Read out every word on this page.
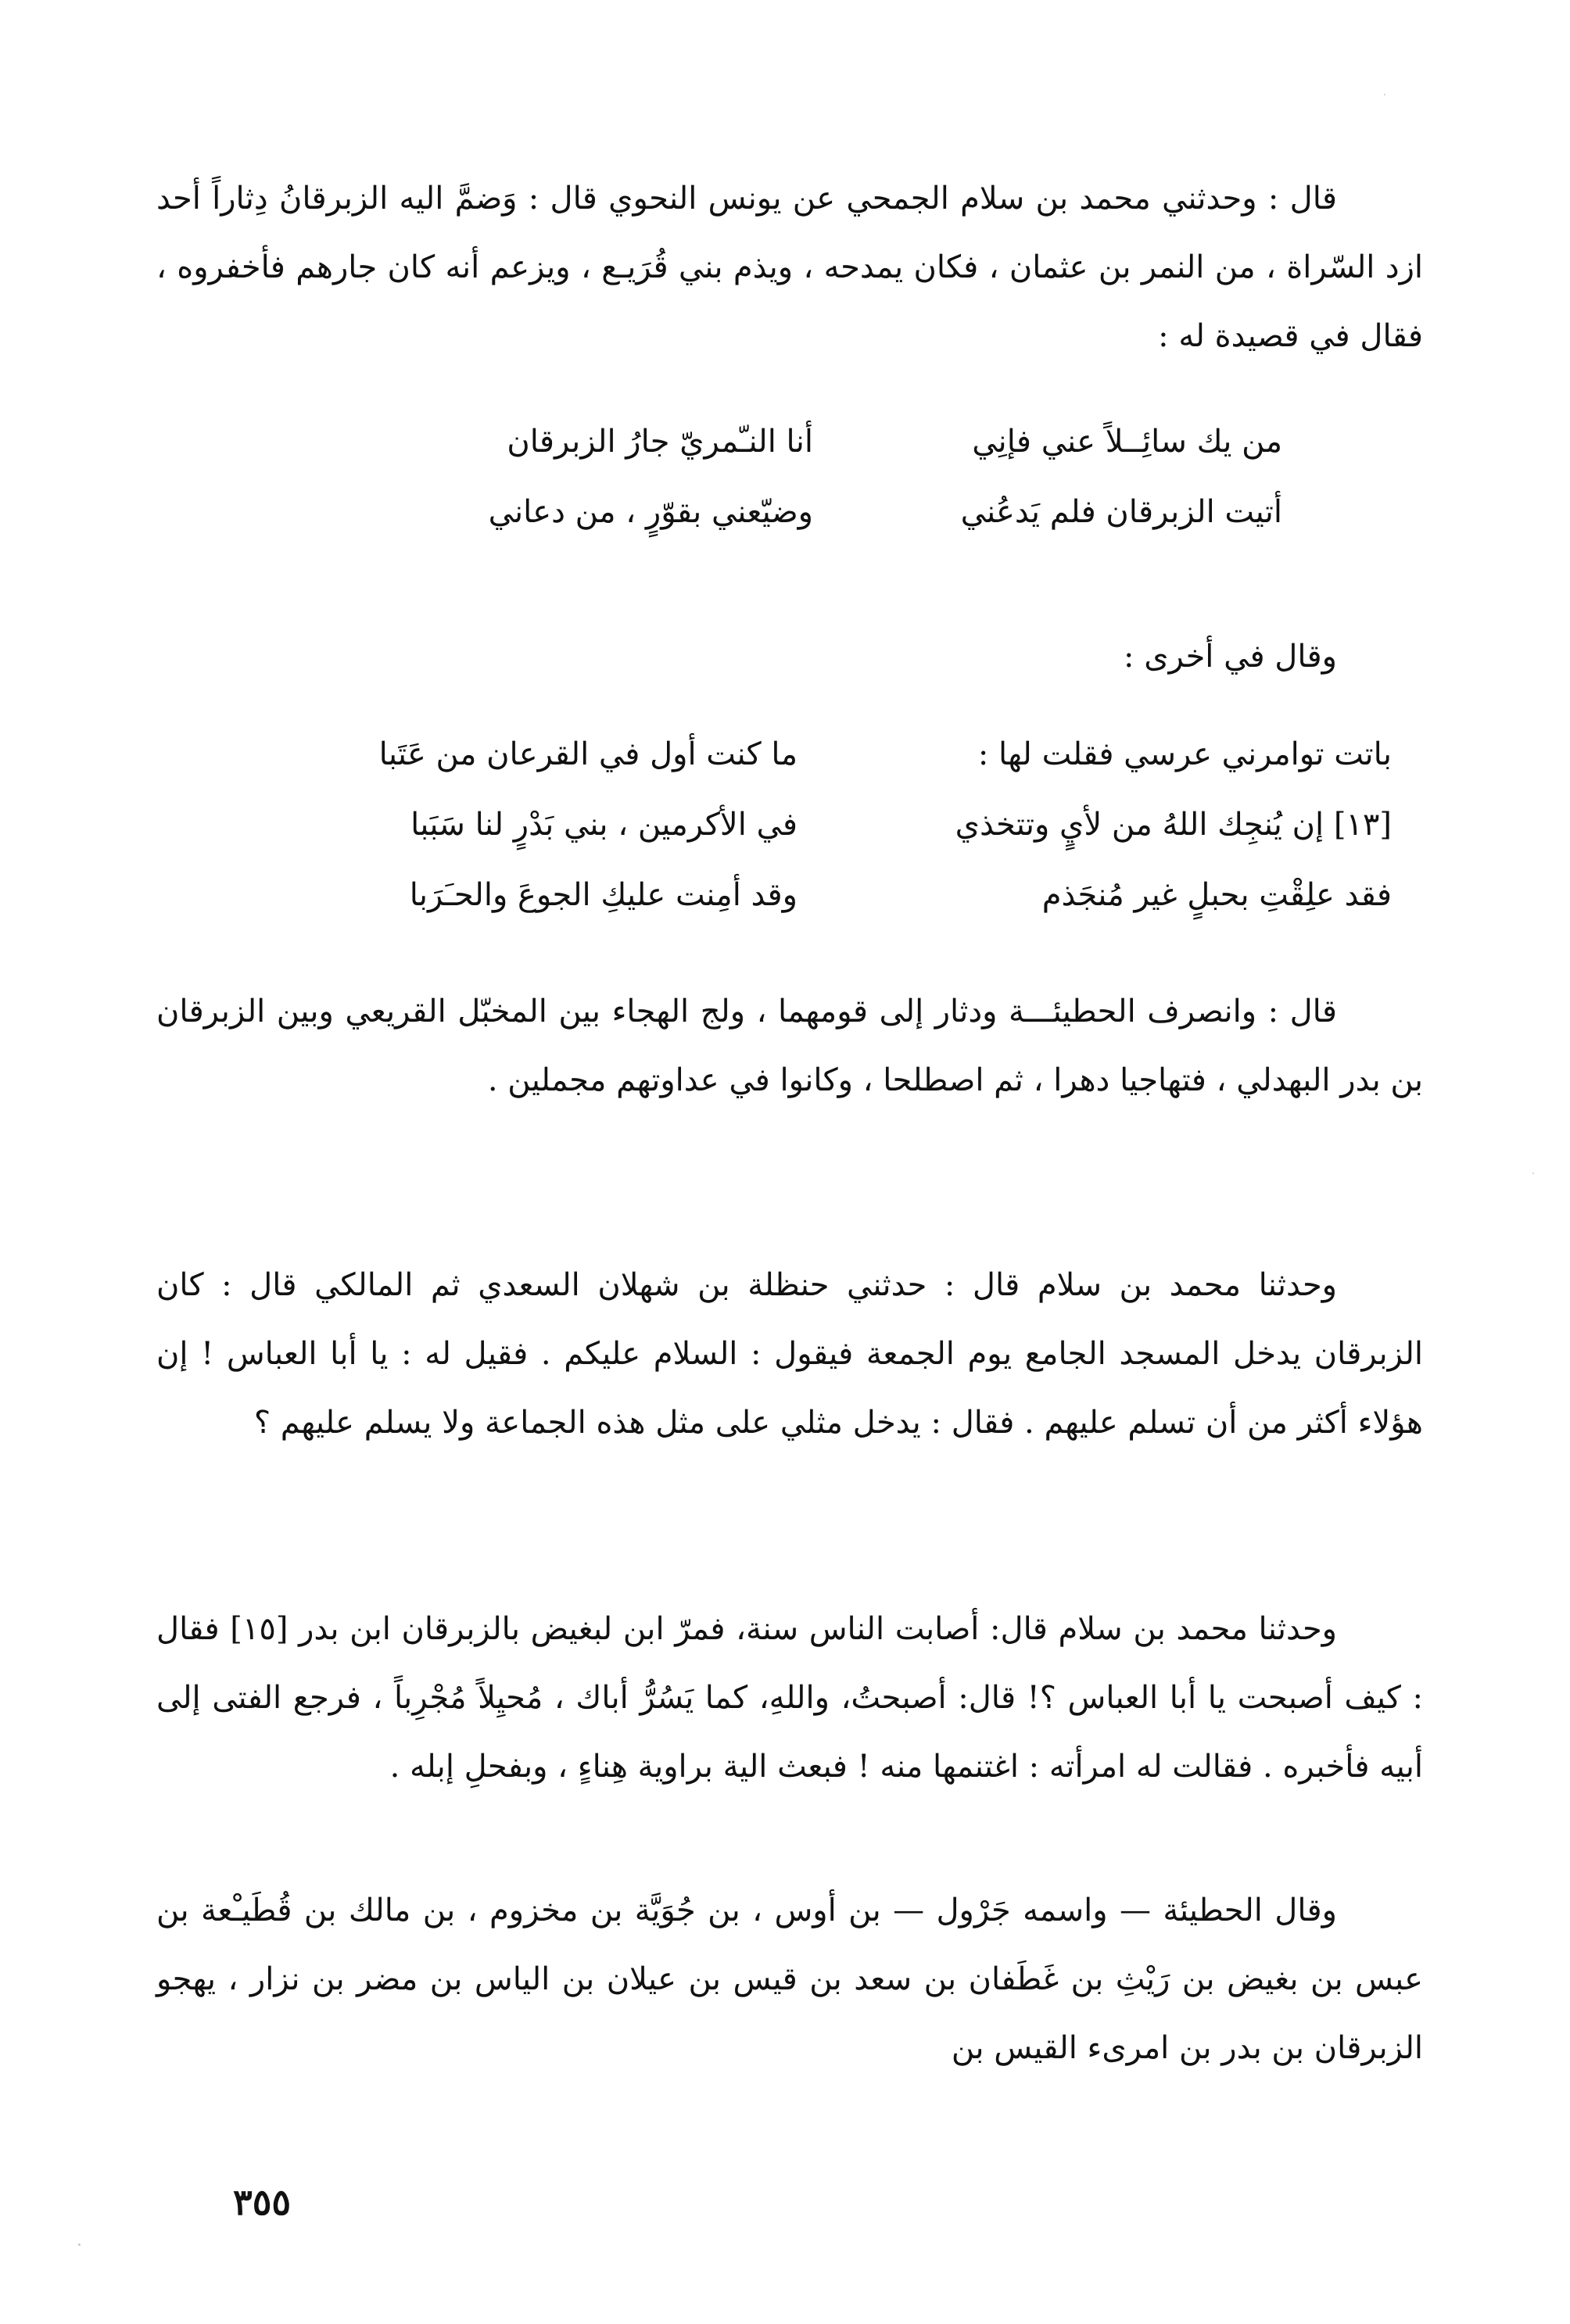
قال : وحدثني محمد بن سلام الجمحي عن يونس النحوي قال : وَضمَّ اليه الزبرقانُ دِثاراً أحد ازد السّراة ، من النمر بن عثمان ، فكان يمدحه ، ويذم بني قُرَيـع ، ويزعم أنه كان جارهم فأخفروه ، فقال في قصيدة له :

من يك سائِــلاً عني فإنِي
أنا النـّمريّ جارُ الزبرقان
أتيت الزبرقان فلم يَدعُني
وضيّعني بقوّرٍ ، من دعاني

وقال في أخرى :

باتت توامرني عرسي فقلت لها :
ما كنت أول في القرعان من عَتَبا
[١٣] إن يُنجِك اللهُ من لأيٍ وتتخذي
في الأكرمين ، بني بَدْرٍ لنا سَبَبا
فقد علِقْتِ بحبلٍ غير مُنجَذم
وقد أمِنت عليكِ الجوعَ والحـَرَبا

قال : وانصرف الحطيئـــة ودثار إلى قومهما ، ولج الهجاء بين المخبّل القريعي وبين الزبرقان بن بدر البهدلي ، فتهاجيا دهرا ، ثم اصطلحا ، وكانوا في عداوتهم مجملين .

وحدثنا محمد بن سلام قال : حدثني حنظلة بن شهلان السعدي ثم المالكي قال : كان الزبرقان يدخل المسجد الجامع يوم الجمعة فيقول : السلام عليكم . فقيل له : يا أبا العباس ! إن هؤلاء أكثر من أن تسلم عليهم . فقال : يدخل مثلي على مثل هذه الجماعة ولا يسلم عليهم ؟

وحدثنا محمد بن سلام قال: أصابت الناس سنة، فمرّ ابن لبغيض بالزبرقان ابن بدر [١٥] فقال : كيف أصبحت يا أبا العباس ؟! قال: أصبحتُ، واللهِ، كما يَسُرُّ أباك ، مُحيِلاً مُجْرِباً ، فرجع الفتى إلى أبيه فأخبره . فقالت له امرأته : اغتنمها منه ! فبعث الية براوية هِناءٍ ، وبفحلِ إبله .

وقال الحطيئة — واسمه جَرْول — بن أوس ، بن جُوَيَّة بن مخزوم ، بن مالك بن قُطَيـْعة بن عبس بن بغيض بن رَيْثِ بن غَطَفان بن سعد بن قيس بن عيلان بن الياس بن مضر بن نزار ، يهجو الزبرقان بن بدر بن امرىء القيس بن

٣٥٥
